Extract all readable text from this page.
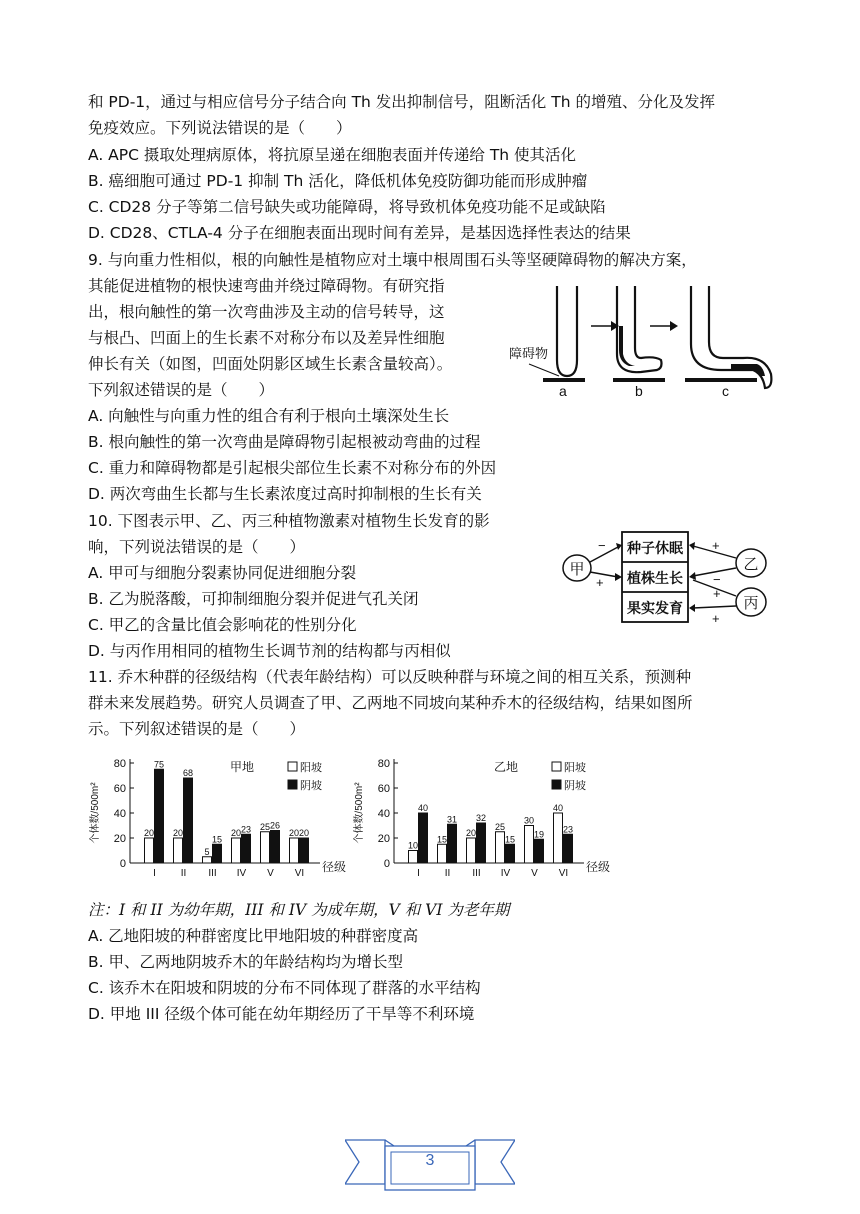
和 PD-1，通过与相应信号分子结合向 Th 发出抑制信号，阻断活化 Th 的增殖、分化及发挥
免疫效应。下列说法错误的是（　　）
A. APC 摄取处理病原体，将抗原呈递在细胞表面并传递给 Th 使其活化
B. 癌细胞可通过 PD-1 抑制 Th 活化，降低机体免疫防御功能而形成肿瘤
C. CD28 分子等第二信号缺失或功能障碍，将导致机体免疫功能不足或缺陷
D. CD28、CTLA-4 分子在细胞表面出现时间有差异，是基因选择性表达的结果
9. 与向重力性相似，根的向触性是植物应对土壤中根周围石头等坚硬障碍物的解决方案，
其能促进植物的根快速弯曲并绕过障碍物。有研究指
出，根向触性的第一次弯曲涉及主动的信号转导，这
与根凸、凹面上的生长素不对称分布以及差异性细胞
伸长有关（如图，凹面处阴影区域生长素含量较高）。
下列叙述错误的是（　　）
A. 向触性与向重力性的组合有利于根向土壤深处生长
B. 根向触性的第一次弯曲是障碍物引起根被动弯曲的过程
C. 重力和障碍物都是引起根尖部位生长素不对称分布的外因
D. 两次弯曲生长都与生长素浓度过高时抑制根的生长有关
障碍物
a	b	c
10. 下图表示甲、乙、丙三种植物激素对植物生长发育的影
响，下列说法错误的是（　　）
A. 甲可与细胞分裂素协同促进细胞分裂
B. 乙为脱落酸，可抑制细胞分裂并促进气孔关闭
C. 甲乙的含量比值会影响花的性别分化
D. 与丙作用相同的植物生长调节剂的结构都与丙相似
甲
种子休眠
植株生长
果实发育
−
+
乙
+
−
丙
+
+
11. 乔木种群的径级结构（代表年龄结构）可以反映种群与环境之间的相互关系，预测种
群未来发展趋势。研究人员调查了甲、乙两地不同坡向某种乔木的径级结构，结果如图所
示。下列叙述错误的是（　　）
个体数/500m²
0
20
40
60
80	甲地	阳坡
阴坡
20
75
I
20
68
II
5
15
III
20 23
IV
25 26
V
20 20
VI 径级
个体数/500m²
0
20
40
60
80	乙地	阳坡
阴坡
10
40
I
15
31
II
20
32
III
25
15
IV
30
19
V
40
23
VI 径级
注：I 和 II 为幼年期，III 和 IV 为成年期，V 和 VI 为老年期
A. 乙地阳坡的种群密度比甲地阳坡的种群密度高
B. 甲、乙两地阴坡乔木的年龄结构均为增长型
C. 该乔木在阳坡和阴坡的分布不同体现了群落的水平结构
D. 甲地 III 径级个体可能在幼年期经历了干旱等不利环境
3
